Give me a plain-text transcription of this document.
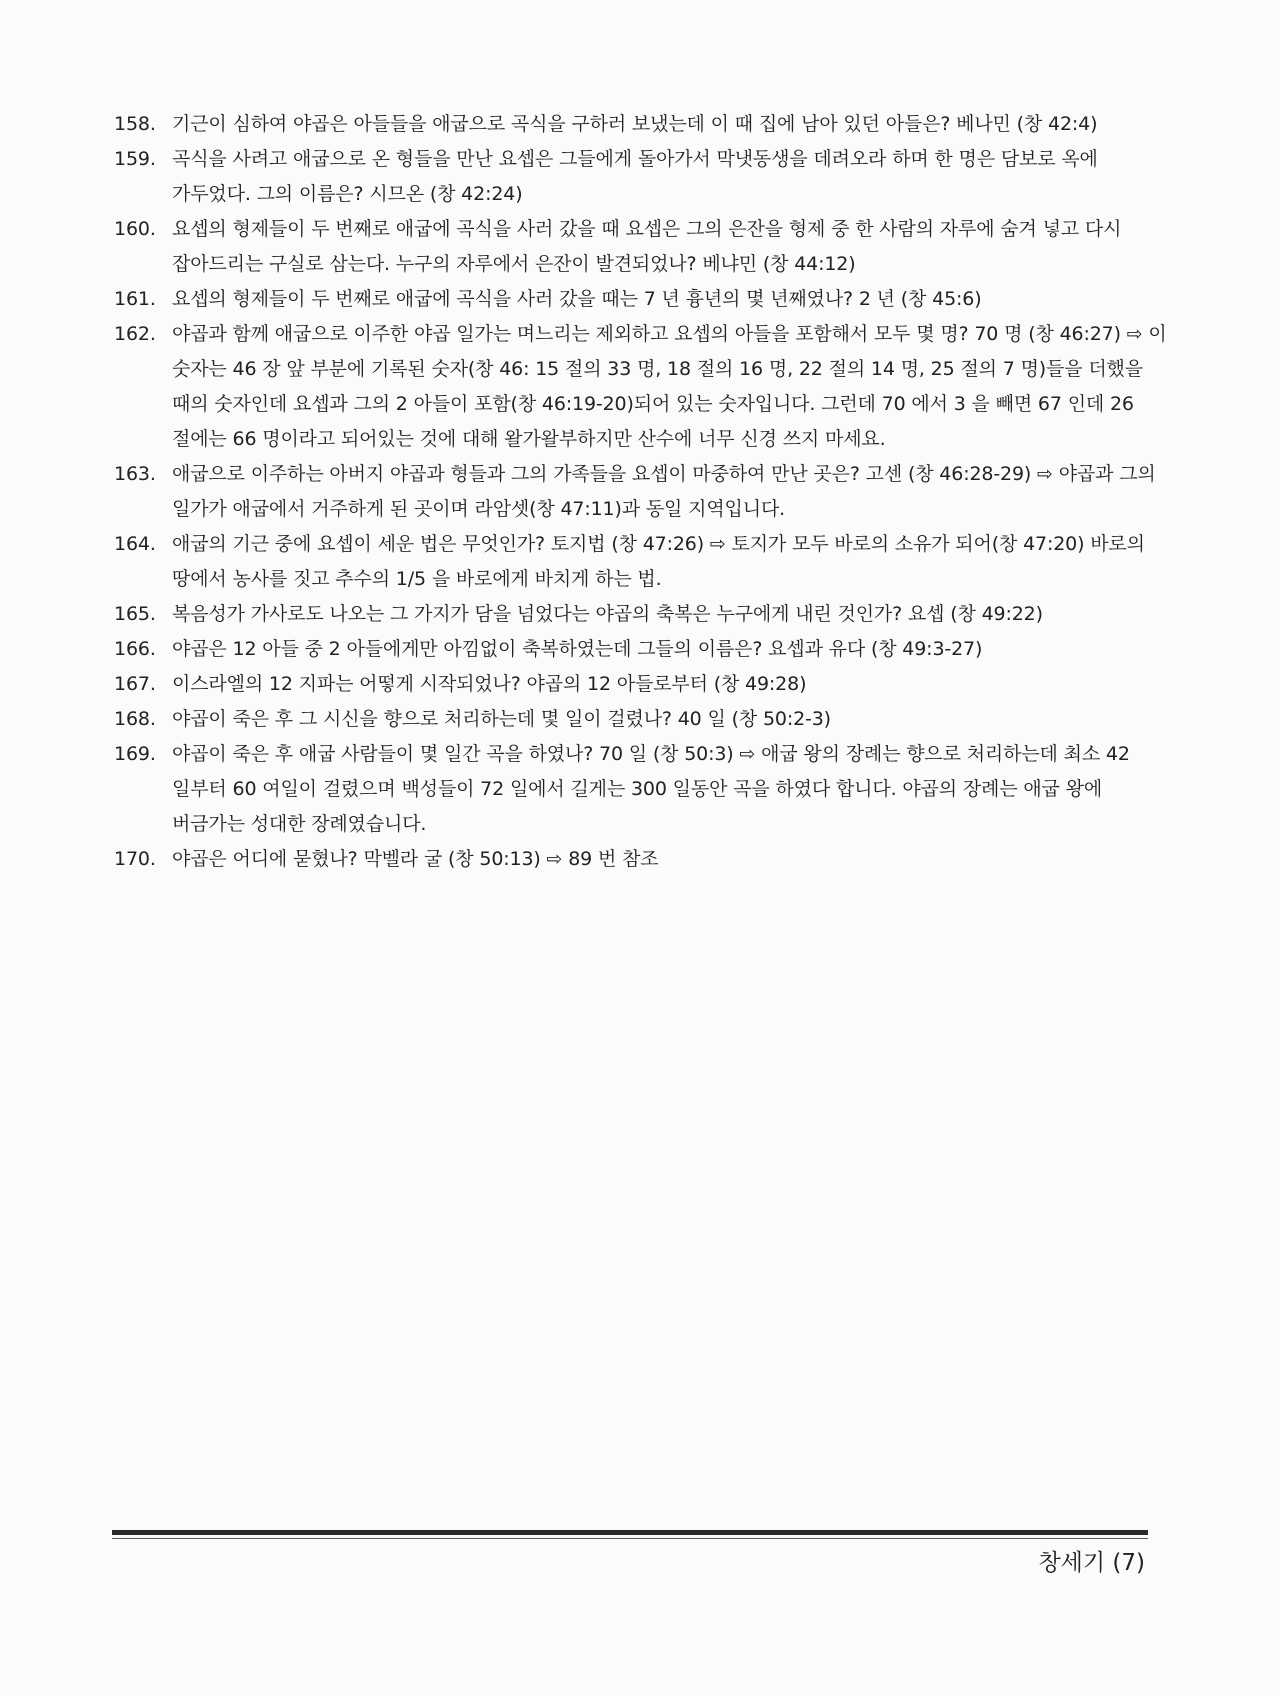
158. 기근이 심하여 야곱은 아들들을 애굽으로 곡식을 구하러 보냈는데 이 때 집에 남아 있던 아들은? 베나민 (창 42:4)
159. 곡식을 사려고 애굽으로 온 형들을 만난 요셉은 그들에게 돌아가서 막냇동생을 데려오라 하며 한 명은 담보로 옥에 가두었다. 그의 이름은? 시므온 (창 42:24)
160. 요셉의 형제들이 두 번째로 애굽에 곡식을 사러 갔을 때 요셉은 그의 은잔을 형제 중 한 사람의 자루에 숨겨 넣고 다시 잡아드리는 구실로 삼는다. 누구의 자루에서 은잔이 발견되었나? 베냐민 (창 44:12)
161. 요셉의 형제들이 두 번째로 애굽에 곡식을 사러 갔을 때는 7 년 흉년의 몇 년째였나? 2 년 (창 45:6)
162. 야곱과 함께 애굽으로 이주한 야곱 일가는 며느리는 제외하고 요셉의 아들을 포함해서 모두 몇 명? 70 명 (창 46:27) ⇨ 이 숫자는 46 장 앞 부분에 기록된 숫자(창 46: 15 절의 33 명, 18 절의 16 명, 22 절의 14 명, 25 절의 7 명)들을 더했을 때의 숫자인데 요셉과 그의 2 아들이 포함(창 46:19-20)되어 있는 숫자입니다. 그런데 70 에서 3 을 빼면 67 인데 26 절에는 66 명이라고 되어있는 것에 대해 왈가왈부하지만 산수에 너무 신경 쓰지 마세요.
163. 애굽으로 이주하는 아버지 야곱과 형들과 그의 가족들을 요셉이 마중하여 만난 곳은? 고센 (창 46:28-29) ⇨ 야곱과 그의 일가가 애굽에서 거주하게 된 곳이며 라암셋(창 47:11)과 동일 지역입니다.
164. 애굽의 기근 중에 요셉이 세운 법은 무엇인가? 토지법 (창 47:26) ⇨ 토지가 모두 바로의 소유가 되어(창 47:20) 바로의 땅에서 농사를 짓고 추수의 1/5 을 바로에게 바치게 하는 법.
165. 복음성가 가사로도 나오는 그 가지가 담을 넘었다는 야곱의 축복은 누구에게 내린 것인가? 요셉 (창 49:22)
166. 야곱은 12 아들 중 2 아들에게만 아낌없이 축복하였는데 그들의 이름은? 요셉과 유다 (창 49:3-27)
167. 이스라엘의 12 지파는 어떻게 시작되었나? 야곱의 12 아들로부터 (창 49:28)
168. 야곱이 죽은 후 그 시신을 향으로 처리하는데 몇 일이 걸렸나? 40 일 (창 50:2-3)
169. 야곱이 죽은 후 애굽 사람들이 몇 일간 곡을 하였나? 70 일 (창 50:3) ⇨ 애굽 왕의 장례는 향으로 처리하는데 최소 42 일부터 60 여일이 걸렸으며 백성들이 72 일에서 길게는 300 일동안 곡을 하였다 합니다. 야곱의 장례는 애굽 왕에 버금가는 성대한 장례였습니다.
170. 야곱은 어디에 묻혔나? 막벨라 굴 (창 50:13) ⇨ 89 번 참조
창세기 (7)
